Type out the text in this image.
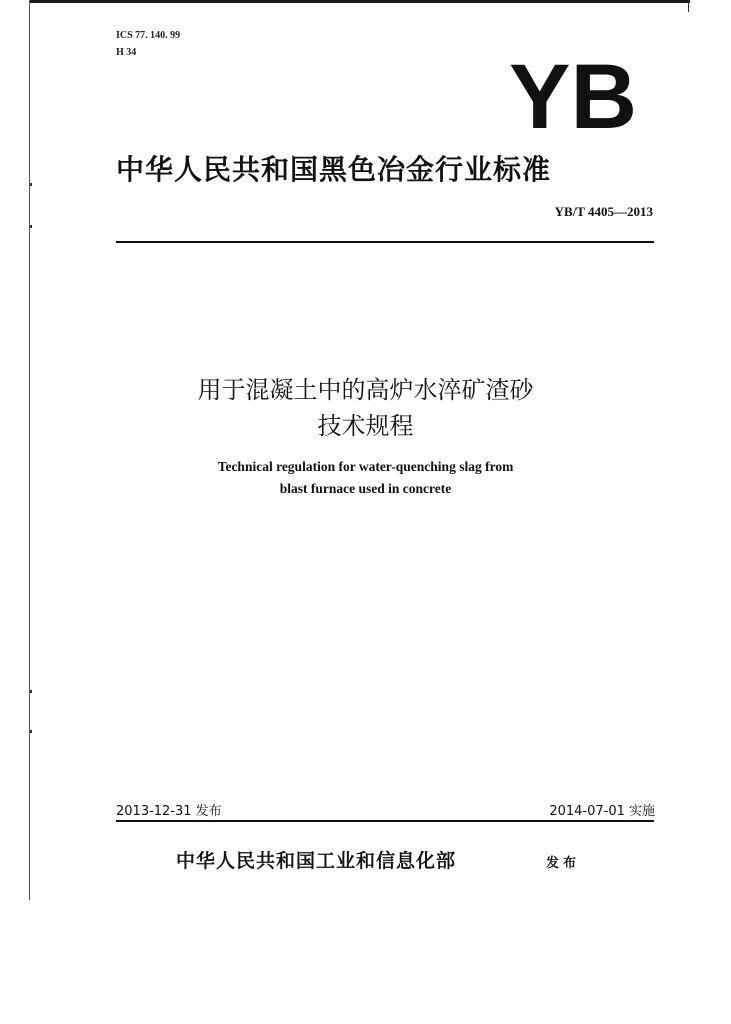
ICS 77. 140. 99
H 34	YB
中华人民共和国黑色冶金行业标准
YB/T 4405—2013
用于混凝土中的高炉水淬矿渣砂
技术规程
Technical regulation for water-quenching slag from
blast furnace used in concrete
2013-12-31 发布	2014-07-01 实施
中华人民共和国工业和信息化部	发布
